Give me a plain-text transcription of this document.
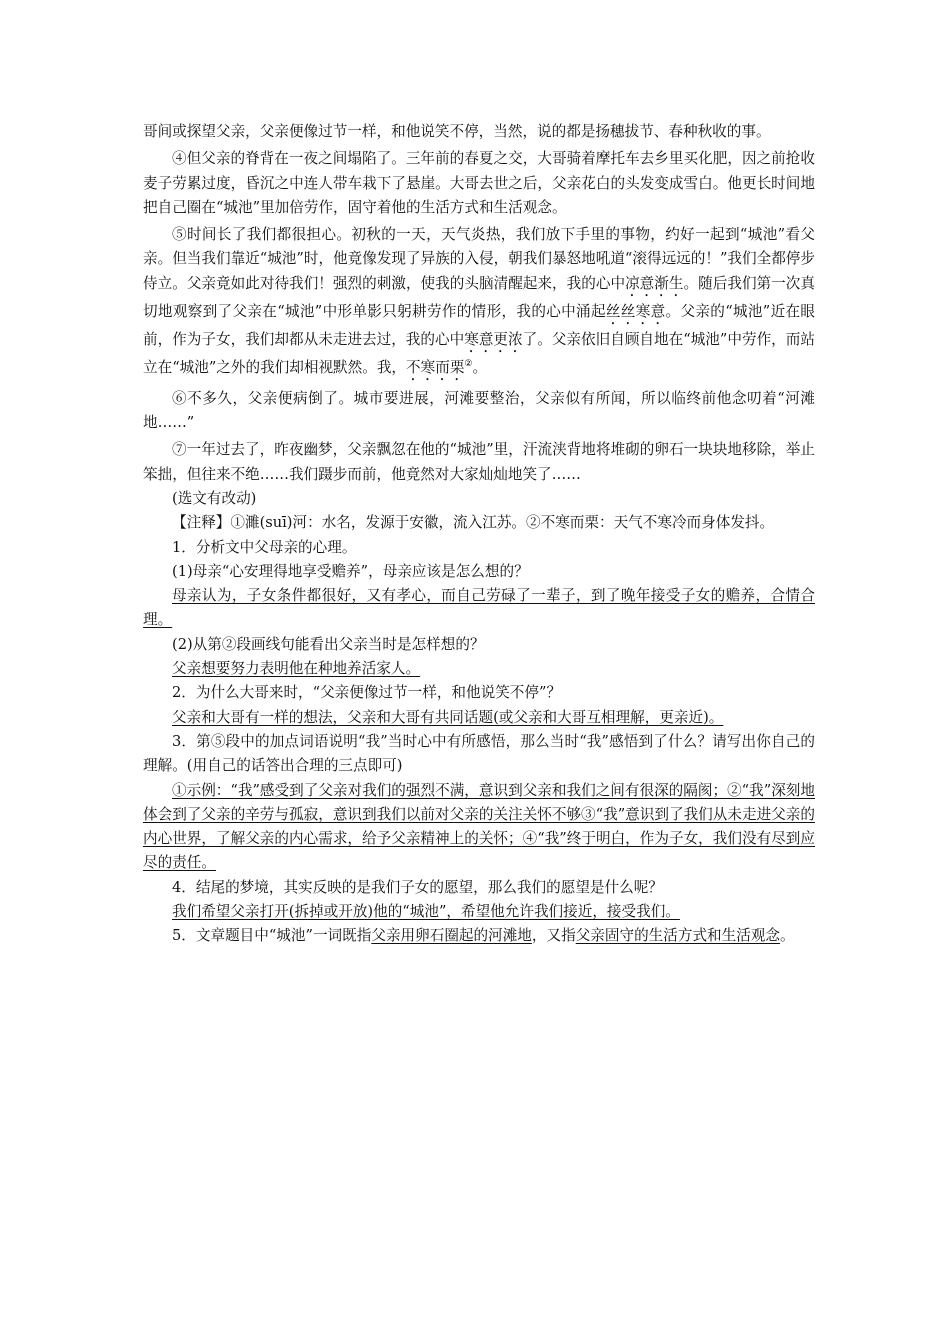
哥间或探望父亲，父亲便像过节一样，和他说笑不停，当然，说的都是扬穗拔节、春种秋收的事。

④但父亲的脊背在一夜之间塌陷了。三年前的春夏之交，大哥骑着摩托车去乡里买化肥，因之前抢收麦子劳累过度，昏沉之中连人带车栽下了悬崖。大哥去世之后，父亲花白的头发变成雪白。他更长时间地把自己圈在“城池”里加倍劳作，固守着他的生活方式和生活观念。

⑤时间长了我们都很担心。初秋的一天，天气炎热，我们放下手里的事物，约好一起到“城池”看父亲。但当我们靠近“城池”时，他竟像发现了异族的入侵，朝我们暴怒地吼道“滚得远远的！”我们全都停步侍立。父亲竟如此对待我们！强烈的刺激，使我的头脑清醒起来，我的心中凉意渐生。随后我们第一次真切地观察到了父亲在“城池”中形单影只躬耕劳作的情形，我的心中涌起丝丝寒意。父亲的“城池”近在眼前，作为子女，我们却都从未走进去过，我的心中寒意更浓了。父亲依旧自顾自地在“城池”中劳作，而站立在“城池”之外的我们却相视默然。我，不寒而栗②。

⑥不多久，父亲便病倒了。城市要进展，河滩要整治，父亲似有所闻，所以临终前他念叨着“河滩地……”

⑦一年过去了，昨夜幽梦，父亲飘忽在他的“城池”里，汗流浃背地将堆砌的卵石一块块地移除，举止笨拙，但往来不绝……我们蹑步而前，他竟然对大家灿灿地笑了……

(选文有改动)

【注释】①濉(suī)河：水名，发源于安徽，流入江苏。②不寒而栗：天气不寒冷而身体发抖。

1．分析文中父母亲的心理。

(1)母亲“心安理得地享受赡养”，母亲应该是怎么想的？

母亲认为，子女条件都很好，又有孝心，而自己劳碌了一辈子，到了晚年接受子女的赡养，合情合理。

(2)从第②段画线句能看出父亲当时是怎样想的？

父亲想要努力表明他在种地养活家人。

2．为什么大哥来时，“父亲便像过节一样，和他说笑不停”？

父亲和大哥有一样的想法，父亲和大哥有共同话题(或父亲和大哥互相理解，更亲近)。

3．第⑤段中的加点词语说明“我”当时心中有所感悟，那么当时“我”感悟到了什么？请写出你自己的理解。(用自己的话答出合理的三点即可)

①示例：“我”感受到了父亲对我们的强烈不满，意识到父亲和我们之间有很深的隔阂；②“我”深刻地体会到了父亲的辛劳与孤寂，意识到我们以前对父亲的关注关怀不够③“我”意识到了我们从未走进父亲的内心世界，了解父亲的内心需求，给予父亲精神上的关怀；④“我”终于明白，作为子女，我们没有尽到应尽的责任。

4．结尾的梦境，其实反映的是我们子女的愿望，那么我们的愿望是什么呢？

我们希望父亲打开(拆掉或开放)他的“城池”，希望他允许我们接近，接受我们。

5．文章题目中“城池”一词既指父亲用卵石圈起的河滩地，又指父亲固守的生活方式和生活观念。
